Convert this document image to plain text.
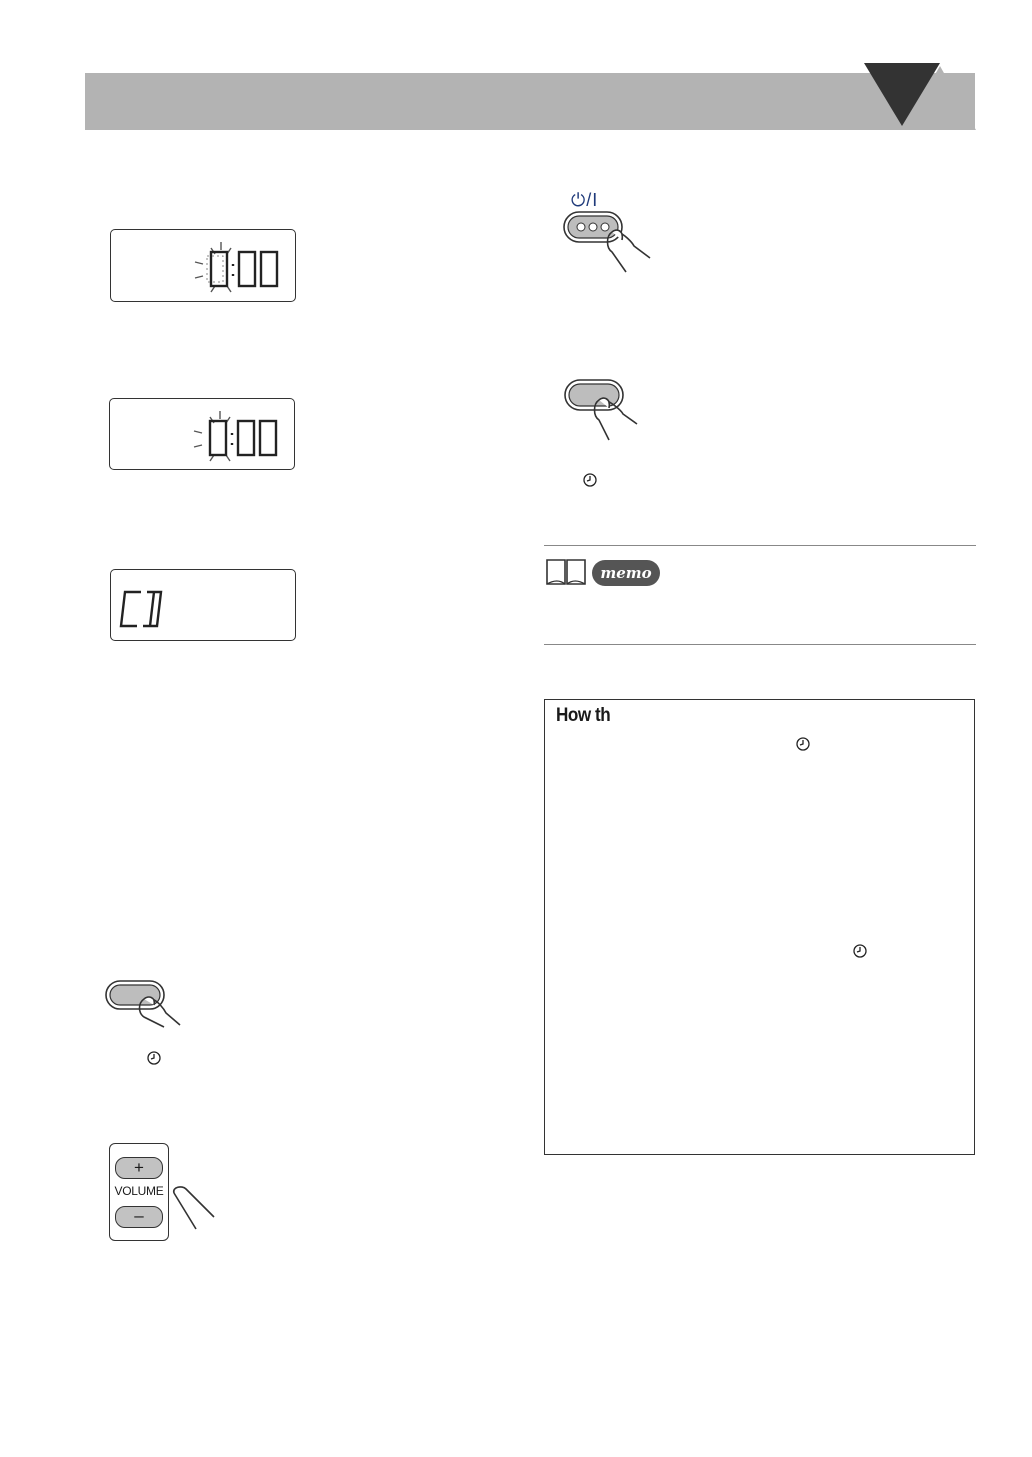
+
VOLUME
–
⏻/I
memo
How th
